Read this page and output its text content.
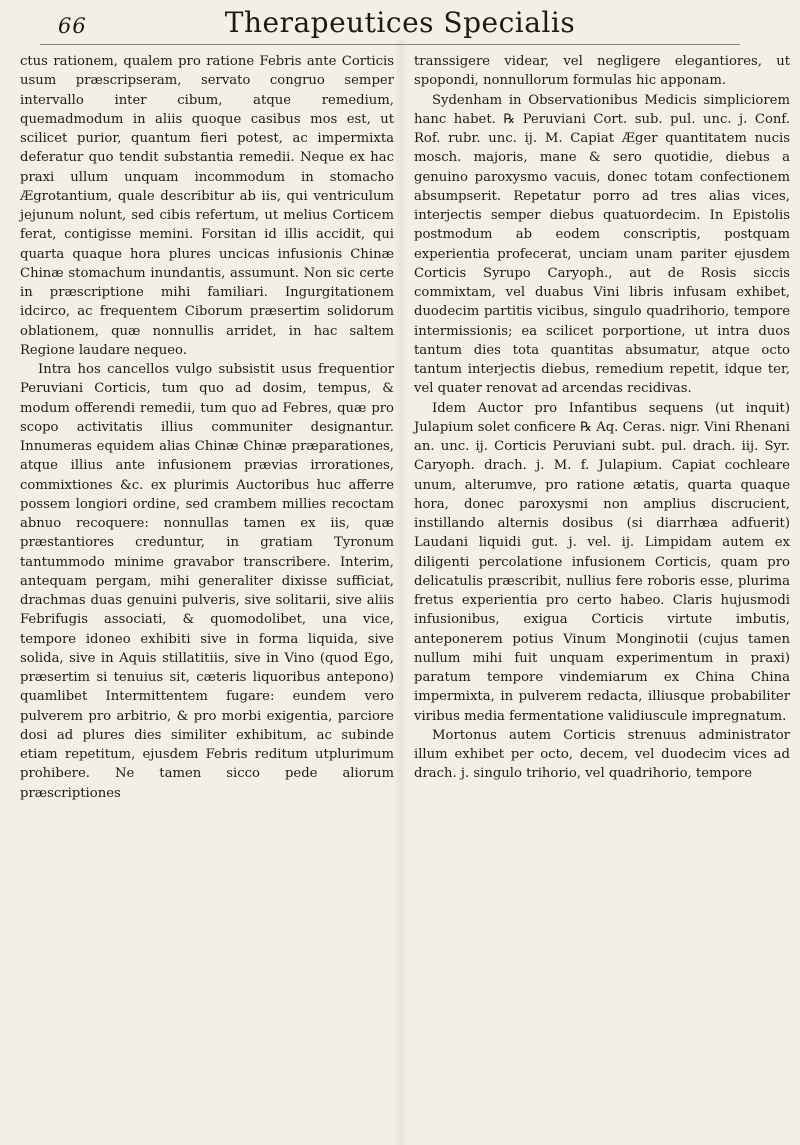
66	Therapeutices Specialis

ctus rationem, qualem pro ratione Febris ante Corticis usum præscripseram, servato congruo semper intervallo inter cibum, atque remedium, quemadmodum in aliis quoque casibus mos est, ut scilicet purior, quantum fieri potest, ac impermixta deferatur quo tendit substantia remedii. Neque ex hac praxi ullum unquam incommodum in stomacho Ægrotantium, quale describitur ab iis, qui ventriculum jejunum nolunt, sed cibis refertum, ut melius Corticem ferat, contigisse memini. Forsitan id illis accidit, qui quarta quaque hora plures uncicas infusionis Chinæ Chinæ stomachum inundantis, assumunt. Non sic certe in præscriptione mihi familiari. Ingurgitationem idcirco, ac frequentem Ciborum præsertim solidorum oblationem, quæ nonnullis arridet, in hac saltem Regione laudare nequeo.

Intra hos cancellos vulgo subsistit usus frequentior Peruviani Corticis, tum quo ad dosim, tempus, & modum offerendi remedii, tum quo ad Febres, quæ pro scopo activitatis illius communiter designantur. Innumeras equidem alias Chinæ Chinæ præparationes, atque illius ante infusionem prævias irrorationes, commixtiones &c. ex plurimis Auctoribus huc afferre possem longiori ordine, sed crambem millies recoctam abnuo recoquere: nonnullas tamen ex iis, quæ præstantiores creduntur, in gratiam Tyronum tantummodo minime gravabor transcribere. Interim, antequam pergam, mihi generaliter dixisse sufficiat, drachmas duas genuini pulveris, sive solitarii, sive aliis Febrifugis associati, & quomodolibet, una vice, tempore idoneo exhibiti sive in forma liquida, sive solida, sive in Aquis stillatitiis, sive in Vino (quod Ego, præsertim si tenuius sit, cæteris liquoribus antepono) quamlibet Intermittentem fugare: eundem vero pulverem pro arbitrio, & pro morbi exigentia, parciore dosi ad plures dies similiter exhibitum, ac subinde etiam repetitum, ejusdem Febris reditum utplurimum prohibere. Ne tamen sicco pede aliorum præscriptiones

transsigere videar, vel negligere elegantiores, ut spopondi, nonnullorum formulas hic apponam.

Sydenham in Observationibus Medicis simpliciorem hanc habet. ℞ Peruviani Cort. sub. pul. unc. j. Conf. Rof. rubr. unc. ij. M. Capiat Æger quantitatem nucis mosch. majoris, mane & sero quotidie, diebus a genuino paroxysmo vacuis, donec totam confectionem absumpserit. Repetatur porro ad tres alias vices, interjectis semper diebus quatuordecim. In Epistolis postmodum ab eodem conscriptis, postquam experientia profecerat, unciam unam pariter ejusdem Corticis Syrupo Caryoph., aut de Rosis siccis commixtam, vel duabus Vini libris infusam exhibet, duodecim partitis vicibus, singulo quadrihorio, tempore intermissionis; ea scilicet porportione, ut intra duos tantum dies tota quantitas absumatur, atque octo tantum interjectis diebus, remedium repetit, idque ter, vel quater renovat ad arcendas recidivas.

Idem Auctor pro Infantibus sequens (ut inquit) Julapium solet conficere ℞ Aq. Ceras. nigr. Vini Rhenani an. unc. ij. Corticis Peruviani subt. pul. drach. iij. Syr. Caryoph. drach. j. M. f. Julapium. Capiat cochleare unum, alterumve, pro ratione ætatis, quarta quaque hora, donec paroxysmi non amplius discrucient, instillando alternis dosibus (si diarrhæa adfuerit) Laudani liquidi gut. j. vel. ij. Limpidam autem ex diligenti percolatione infusionem Corticis, quam pro delicatulis præscribit, nullius fere roboris esse, plurima fretus experientia pro certo habeo. Claris hujusmodi infusionibus, exigua Corticis virtute imbutis, anteponerem potius Vinum Monginotii (cujus tamen nullum mihi fuit unquam experimentum in praxi) paratum tempore vindemiarum ex China China impermixta, in pulverem redacta, illiusque probabiliter viribus media fermentatione validiuscule impregnatum.

Mortonus autem Corticis strenuus administrator illum exhibet per octo, decem, vel duodecim vices ad drach. j. singulo trihorio, vel quadrihorio, tempore
